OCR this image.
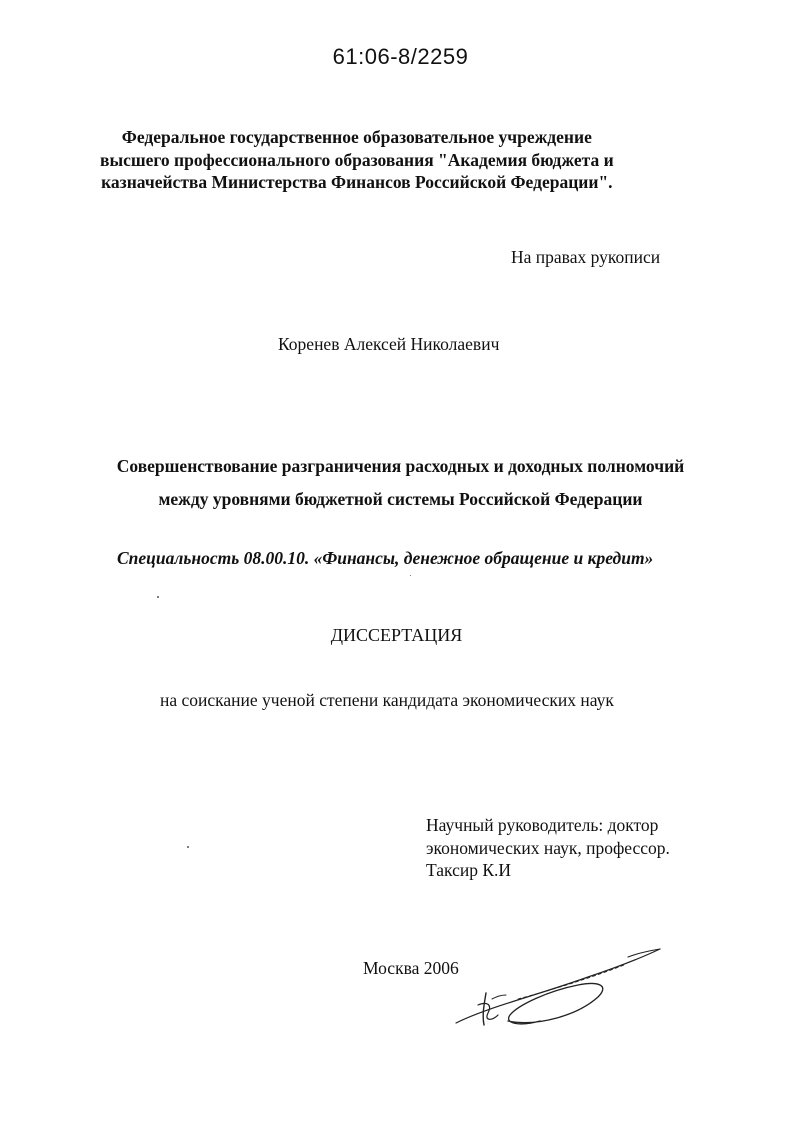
61:06-8/2259
Федеральное государственное образовательное учреждение
высшего профессионального образования "Академия бюджета и
казначейства Министерства Финансов Российской Федерации".
На правах рукописи
Коренев Алексей Николаевич
Совершенствование разграничения расходных и доходных полномочий
между уровнями бюджетной системы Российской Федерации
Специальность 08.00.10. «Финансы, денежное обращение и кредит»
ДИССЕРТАЦИЯ
на соискание ученой степени кандидата экономических наук
Научный руководитель: доктор
экономических наук, профессор.
Таксир К.И
Москва 2006
